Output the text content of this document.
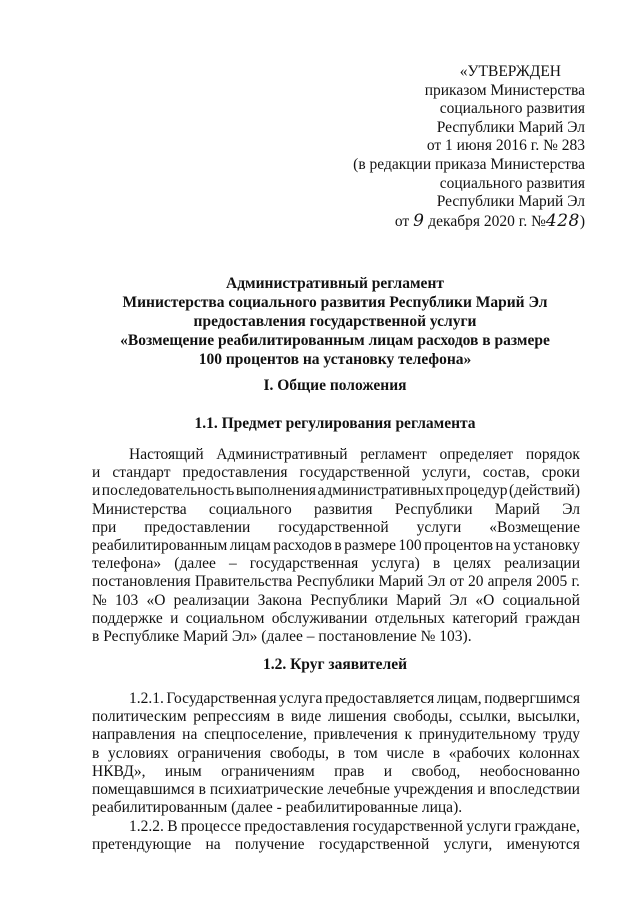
«УТВЕРЖДЕН
приказом Министерства
социального развития
Республики Марий Эл
от 1 июня 2016 г. № 283
(в редакции приказа Министерства
социального развития
Республики Марий Эл
от 9 декабря 2020 г. №428)
Административный регламент
Министерства социального развития Республики Марий Эл
предоставления государственной услуги
«Возмещение реабилитированным лицам расходов в размере
100 процентов на установку телефона»
I. Общие положения
1.1. Предмет регулирования регламента
Настоящий Административный регламент определяет порядок
и стандарт предоставления государственной услуги, состав, сроки
и последовательность выполнения административных процедур (действий)
Министерства социального развития Республики Марий Эл
при предоставлении государственной услуги «Возмещение
реабилитированным лицам расходов в размере 100 процентов на установку
телефона» (далее – государственная услуга) в целях реализации
постановления Правительства Республики Марий Эл от 20 апреля 2005 г.
№ 103 «О реализации Закона Республики Марий Эл «О социальной
поддержке и социальном обслуживании отдельных категорий граждан
в Республике Марий Эл» (далее – постановление № 103).
1.2. Круг заявителей
1.2.1. Государственная услуга предоставляется лицам, подвергшимся
политическим репрессиям в виде лишения свободы, ссылки, высылки,
направления на спецпоселение, привлечения к принудительному труду
в условиях ограничения свободы, в том числе в «рабочих колоннах
НКВД», иным ограничениям прав и свобод, необоснованно
помещавшимся в психиатрические лечебные учреждения и впоследствии
реабилитированным (далее - реабилитированные лица).
1.2.2. В процессе предоставления государственной услуги граждане,
претендующие на получение государственной услуги, именуются
